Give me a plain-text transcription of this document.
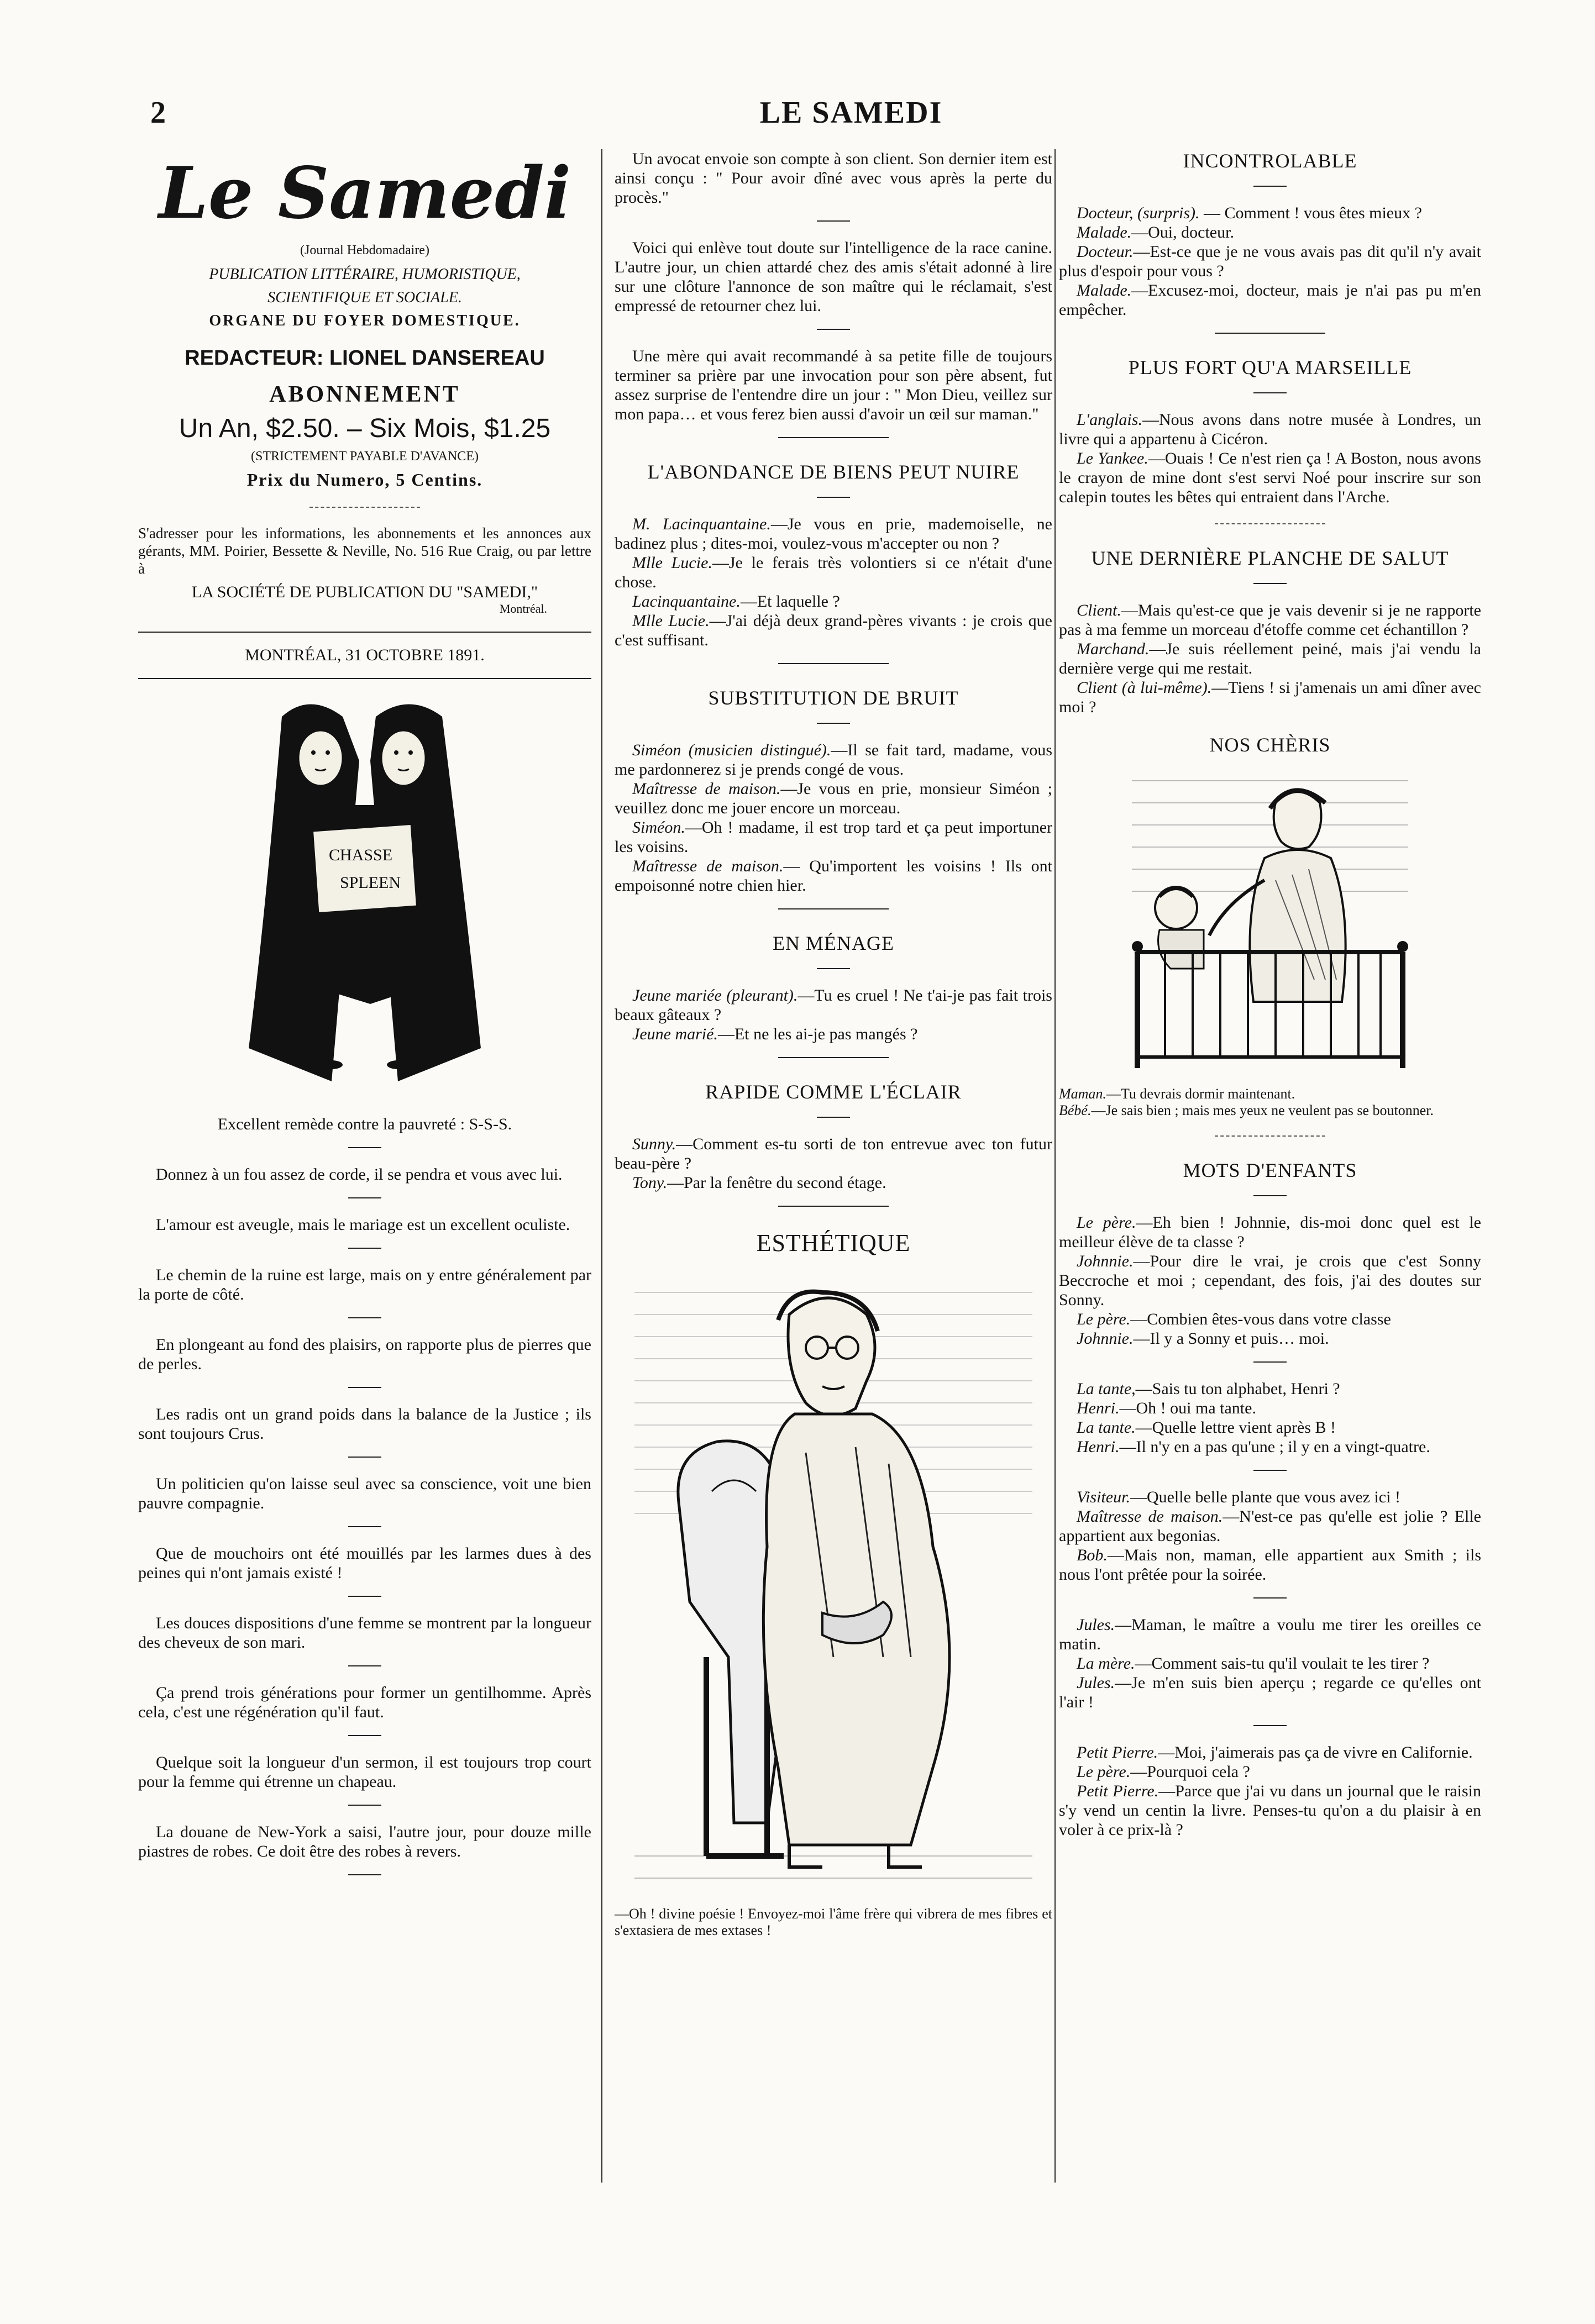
2	LE SAMEDI
Le Samedi
(Journal Hebdomadaire)
PUBLICATION LITTÉRAIRE, HUMORISTIQUE,
SCIENTIFIQUE ET SOCIALE.
ORGANE DU FOYER DOMESTIQUE.
REDACTEUR: LIONEL DANSEREAU
ABONNEMENT
Un An, $2.50. – Six Mois, $1.25
(STRICTEMENT PAYABLE D'AVANCE)
Prix du Numero, 5 Centins.
S'adresser pour les informations, les abonnements et les annonces aux gérants, MM. Poirier, Bessette & Neville, No. 516 Rue Craig, ou par lettre à
LA SOCIÉTÉ DE PUBLICATION DU "SAMEDI,"
Montréal.
MONTRÉAL, 31 OCTOBRE 1891.
CHASSE
SPLEEN

Excellent remède contre la pauvreté : S-S-S.

Donnez à un fou assez de corde, il se pendra et vous avec lui.

L'amour est aveugle, mais le mariage est un excellent oculiste.

Le chemin de la ruine est large, mais on y entre généralement par la porte de côté.

En plongeant au fond des plaisirs, on rapporte plus de pierres que de perles.

Les radis ont un grand poids dans la balance de la Justice ; ils sont toujours Crus.

Un politicien qu'on laisse seul avec sa conscience, voit une bien pauvre compagnie.

Que de mouchoirs ont été mouillés par les larmes dues à des peines qui n'ont jamais existé !

Les douces dispositions d'une femme se montrent par la longueur des cheveux de son mari.

Ça prend trois générations pour former un gentilhomme. Après cela, c'est une régénération qu'il faut.

Quelque soit la longueur d'un sermon, il est toujours trop court pour la femme qui étrenne un chapeau.

La douane de New-York a saisi, l'autre jour, pour douze mille piastres de robes. Ce doit être des robes à revers.

Un avocat envoie son compte à son client. Son dernier item est ainsi conçu : " Pour avoir dîné avec vous après la perte du procès."

Voici qui enlève tout doute sur l'intelligence de la race canine. L'autre jour, un chien attardé chez des amis s'était adonné à lire sur une clôture l'annonce de son maître qui le réclamait, s'est empressé de retourner chez lui.

Une mère qui avait recommandé à sa petite fille de toujours terminer sa prière par une invocation pour son père absent, fut assez surprise de l'entendre dire un jour : " Mon Dieu, veillez sur mon papa… et vous ferez bien aussi d'avoir un œil sur maman."

L'ABONDANCE DE BIENS PEUT NUIRE

M. Lacinquantaine.—Je vous en prie, mademoiselle, ne badinez plus ; dites-moi, voulez-vous m'accepter ou non ?

Mlle Lucie.—Je le ferais très volontiers si ce n'était d'une chose.

Lacinquantaine.—Et laquelle ?

Mlle Lucie.—J'ai déjà deux grand-pères vivants : je crois que c'est suffisant.

SUBSTITUTION DE BRUIT

Siméon (musicien distingué).—Il se fait tard, madame, vous me pardonnerez si je prends congé de vous.

Maîtresse de maison.—Je vous en prie, monsieur Siméon ; veuillez donc me jouer encore un morceau.

Siméon.—Oh ! madame, il est trop tard et ça peut importuner les voisins.

Maîtresse de maison.— Qu'importent les voisins ! Ils ont empoisonné notre chien hier.

EN MÉNAGE

Jeune mariée (pleurant).—Tu es cruel ! Ne t'ai-je pas fait trois beaux gâteaux ?

Jeune marié.—Et ne les ai-je pas mangés ?

RAPIDE COMME L'ÉCLAIR

Sunny.—Comment es-tu sorti de ton entrevue avec ton futur beau-père ?

Tony.—Par la fenêtre du second étage.

ESTHÉTIQUE

—Oh ! divine poésie ! Envoyez-moi l'âme frère qui vibrera de mes fibres et s'extasiera de mes extases !

INCONTROLABLE

Docteur, (surpris). — Comment ! vous êtes mieux ?

Malade.—Oui, docteur.

Docteur.—Est-ce que je ne vous avais pas dit qu'il n'y avait plus d'espoir pour vous ?

Malade.—Excusez-moi, docteur, mais je n'ai pas pu m'en empêcher.

PLUS FORT QU'A MARSEILLE

L'anglais.—Nous avons dans notre musée à Londres, un livre qui a appartenu à Cicéron.

Le Yankee.—Ouais ! Ce n'est rien ça ! A Boston, nous avons le crayon de mine dont s'est servi Noé pour inscrire sur son calepin toutes les bêtes qui entraient dans l'Arche.

UNE DERNIÈRE PLANCHE DE SALUT

Client.—Mais qu'est-ce que je vais devenir si je ne rapporte pas à ma femme un morceau d'étoffe comme cet échantillon ?

Marchand.—Je suis réellement peiné, mais j'ai vendu la dernière verge qui me restait.

Client (à lui-même).—Tiens ! si j'amenais un ami dîner avec moi ?

NOS CHÈRIS

Maman.—Tu devrais dormir maintenant.

Bébé.—Je sais bien ; mais mes yeux ne veulent pas se boutonner.

MOTS D'ENFANTS

Le père.—Eh bien ! Johnnie, dis-moi donc quel est le meilleur élève de ta classe ?

Johnnie.—Pour dire le vrai, je crois que c'est Sonny Beccroche et moi ; cependant, des fois, j'ai des doutes sur Sonny.

Le père.—Combien êtes-vous dans votre classe

Johnnie.—Il y a Sonny et puis… moi.

La tante,—Sais tu ton alphabet, Henri ?

Henri.—Oh ! oui ma tante.

La tante.—Quelle lettre vient après B !

Henri.—Il n'y en a pas qu'une ; il y en a vingt-quatre.

Visiteur.—Quelle belle plante que vous avez ici !

Maîtresse de maison.—N'est-ce pas qu'elle est jolie ? Elle appartient aux begonias.

Bob.—Mais non, maman, elle appartient aux Smith ; ils nous l'ont prêtée pour la soirée.

Jules.—Maman, le maître a voulu me tirer les oreilles ce matin.

La mère.—Comment sais-tu qu'il voulait te les tirer ?

Jules.—Je m'en suis bien aperçu ; regarde ce qu'elles ont l'air !

Petit Pierre.—Moi, j'aimerais pas ça de vivre en Californie.

Le père.—Pourquoi cela ?

Petit Pierre.—Parce que j'ai vu dans un journal que le raisin s'y vend un centin la livre. Penses-tu qu'on a du plaisir à en voler à ce prix-là ?
